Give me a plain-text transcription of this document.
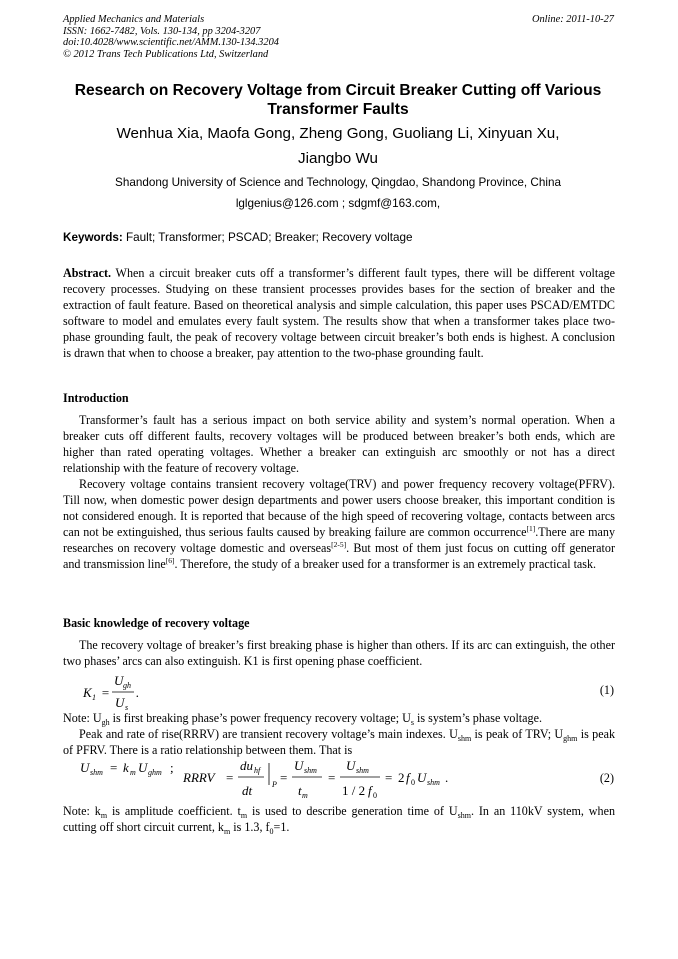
Applied Mechanics and Materials
ISSN: 1662-7482, Vols. 130-134, pp 3204-3207
doi:10.4028/www.scientific.net/AMM.130-134.3204
© 2012 Trans Tech Publications Ltd, Switzerland
Online: 2011-10-27
Research on Recovery Voltage from Circuit Breaker Cutting off Various Transformer Faults
Wenhua Xia, Maofa Gong, Zheng Gong, Guoliang Li, Xinyuan Xu,
Jiangbo Wu
Shandong University of Science and Technology, Qingdao, Shandong Province, China
lglgenius@126.com ; sdgmf@163.com,
Keywords: Fault; Transformer; PSCAD; Breaker; Recovery voltage
Abstract. When a circuit breaker cuts off a transformer’s different fault types, there will be different voltage recovery processes. Studying on these transient processes provides bases for the section of breaker and the extraction of fault feature. Based on theoretical analysis and simple calculation, this paper uses PSCAD/EMTDC software to model and emulates every fault system. The results show that when a transformer takes place two-phase grounding fault, the peak of recovery voltage between circuit breaker’s both ends is highest. A conclusion is drawn that when to choose a breaker, pay attention to the two-phase grounding fault.
Introduction
Transformer’s fault has a serious impact on both service ability and system’s normal operation. When a breaker cuts off different faults, recovery voltages will be produced between breaker’s both ends, which are higher than rated operating voltages. Whether a breaker can extinguish arc smoothly or not has a direct relationship with the feature of recovery voltage.
Recovery voltage contains transient recovery voltage(TRV) and power frequency recovery voltage(PFRV). Till now, when domestic power design departments and power users choose breaker, this important condition is not considered enough. It is reported that because of the high speed of recovering voltage, contacts between arcs can not be extinguished, thus serious faults caused by breaking failure are common occurrence[1].There are many researches on recovery voltage domestic and overseas[2-5]. But most of them just focus on cutting off generator and transmission line[6]. Therefore, the study of a breaker used for a transformer is an extremely practical task.
Basic knowledge of recovery voltage
The recovery voltage of breaker’s first breaking phase is higher than others. If its arc can extinguish, the other two phases’ arcs can also extinguish. K1 is first opening phase coefficient.
K 1 =
U gh
U s
.	(1)
Note: $U_{gh}$ is first breaking phase’s power frequency recovery voltage; $U_s$ is system’s phase voltage.
Peak and rate of rise(RRRV) are transient recovery voltage’s main indexes. $U_{shm}$ is peak of TRV; $U_{ghm}$ is peak of PFRV. There is a ratio relationship between them. That is
U shm = k m U ghm ;
RRRV =
du hf
dt P =
U shm
t m
=
U shm
1 / 2 f 0
= 2 f 0 U shm .	(2)
Note: $k_m$ is amplitude coefficient. $t_m$ is used to describe generation time of $U_{shm}$. In an 110kV system, when cutting off short circuit current, $k_m$ is 1.3, $f_0=1$.
